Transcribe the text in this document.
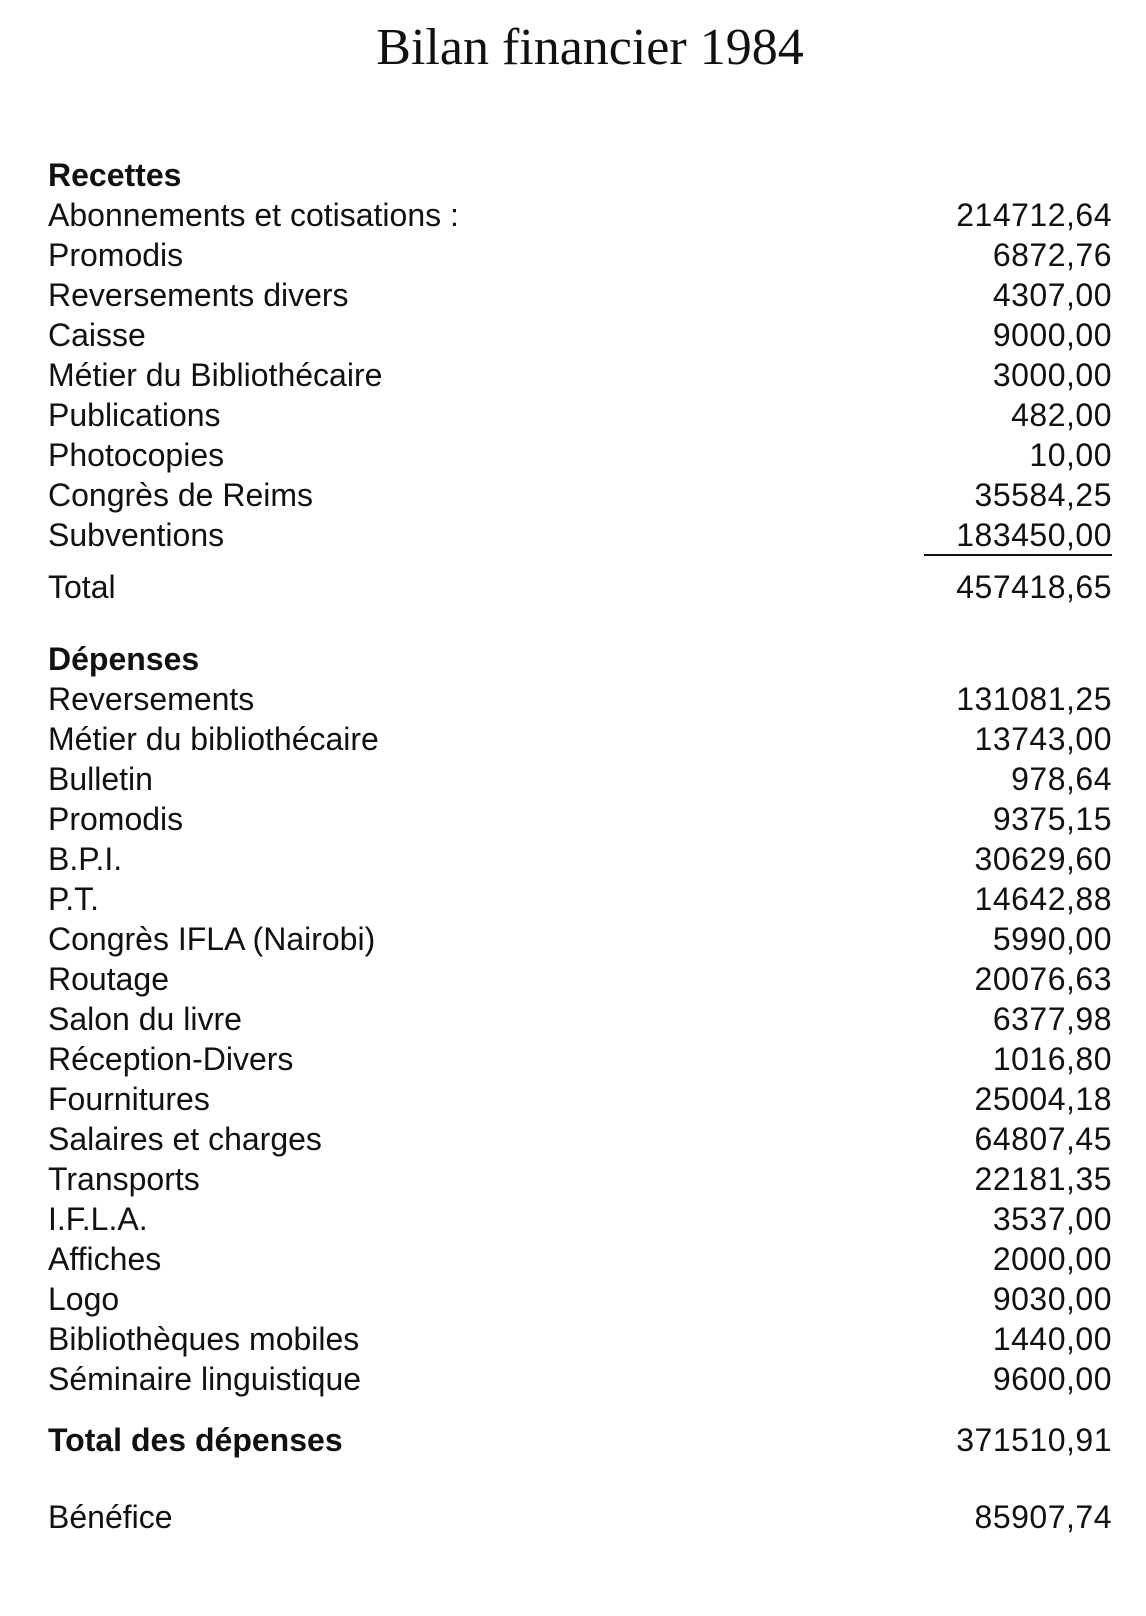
Bilan financier 1984
Recettes
Abonnements et cotisations :	214712,64
Promodis	6872,76
Reversements divers	4307,00
Caisse	9000,00
Métier du Bibliothécaire	3000,00
Publications	482,00
Photocopies	10,00
Congrès de Reims	35584,25
Subventions	183450,00
Total	457418,65
Dépenses
Reversements	131081,25
Métier du bibliothécaire	13743,00
Bulletin	978,64
Promodis	9375,15
B.P.I.	30629,60
P.T.	14642,88
Congrès IFLA (Nairobi)	5990,00
Routage	20076,63
Salon du livre	6377,98
Réception-Divers	1016,80
Fournitures	25004,18
Salaires et charges	64807,45
Transports	22181,35
I.F.L.A.	3537,00
Affiches	2000,00
Logo	9030,00
Bibliothèques mobiles	1440,00
Séminaire linguistique	9600,00
Total des dépenses	371510,91
Bénéfice	85907,74
